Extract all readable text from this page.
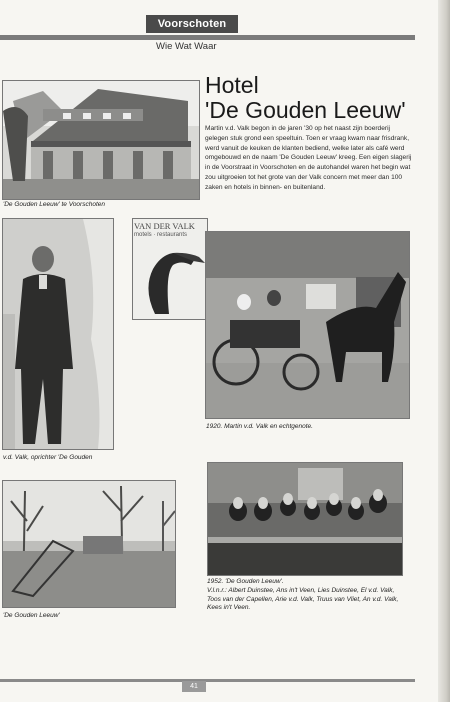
Voorschoten
Wie Wat Waar
'De Gouden Leeuw' te Voorschoten
Hotel
'De Gouden Leeuw'
Martin v.d. Valk begon in de jaren '30 op het naast zijn boerderij gelegen stuk grond een speeltuin. Toen er vraag kwam naar frisdrank, werd vanuit de keuken de klanten bediend, welke later als café werd omgebouwd en de naam 'De Gouden Leeuw' kreeg. Een eigen slagerij in de Voorstraat in Voorschoten en de autohandel waren het begin wat zou uitgroeien tot het grote van der Valk concern met meer dan 100 zaken en hotels in binnen- en buitenland.
v.d. Valk, oprichter 'De Gouden
VAN DER VALK
motels · restaurants
1920. Martin v.d. Valk en echtgenote.
'De Gouden Leeuw'
1952. 'De Gouden Leeuw'.
V.l.n.r.: Albert Duinstee, Ans in't Veen, Lies Duinstee, El v.d. Valk, Toos van der Capellen, Arie v.d. Valk, Truus van Vliet, An v.d. Valk, Kees in't Veen.
41
